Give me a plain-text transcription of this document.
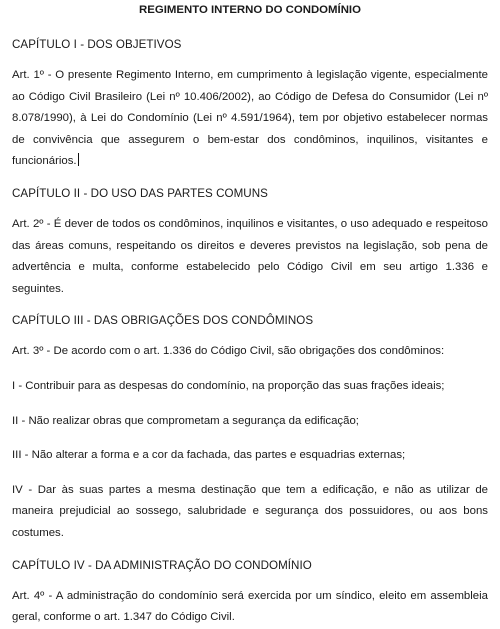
REGIMENTO INTERNO DO CONDOMÍNIO

CAPÍTULO I - DOS OBJETIVOS

Art. 1º - O presente Regimento Interno, em cumprimento à legislação vigente, especialmente ao Código Civil Brasileiro (Lei nº 10.406/2002), ao Código de Defesa do Consumidor (Lei nº 8.078/1990), à Lei do Condomínio (Lei nº 4.591/1964), tem por objetivo estabelecer normas de convivência que assegurem o bem-estar dos condôminos, inquilinos, visitantes e funcionários.

CAPÍTULO II - DO USO DAS PARTES COMUNS

Art. 2º - É dever de todos os condôminos, inquilinos e visitantes, o uso adequado e respeitoso das áreas comuns, respeitando os direitos e deveres previstos na legislação, sob pena de advertência e multa, conforme estabelecido pelo Código Civil em seu artigo 1.336 e seguintes.

CAPÍTULO III - DAS OBRIGAÇÕES DOS CONDÔMINOS

Art. 3º - De acordo com o art. 1.336 do Código Civil, são obrigações dos condôminos:

I - Contribuir para as despesas do condomínio, na proporção das suas frações ideais;

II - Não realizar obras que comprometam a segurança da edificação;

III - Não alterar a forma e a cor da fachada, das partes e esquadrias externas;

IV - Dar às suas partes a mesma destinação que tem a edificação, e não as utilizar de maneira prejudicial ao sossego, salubridade e segurança dos possuidores, ou aos bons costumes.

CAPÍTULO IV - DA ADMINISTRAÇÃO DO CONDOMÍNIO

Art. 4º - A administração do condomínio será exercida por um síndico, eleito em assembleia geral, conforme o art. 1.347 do Código Civil.
